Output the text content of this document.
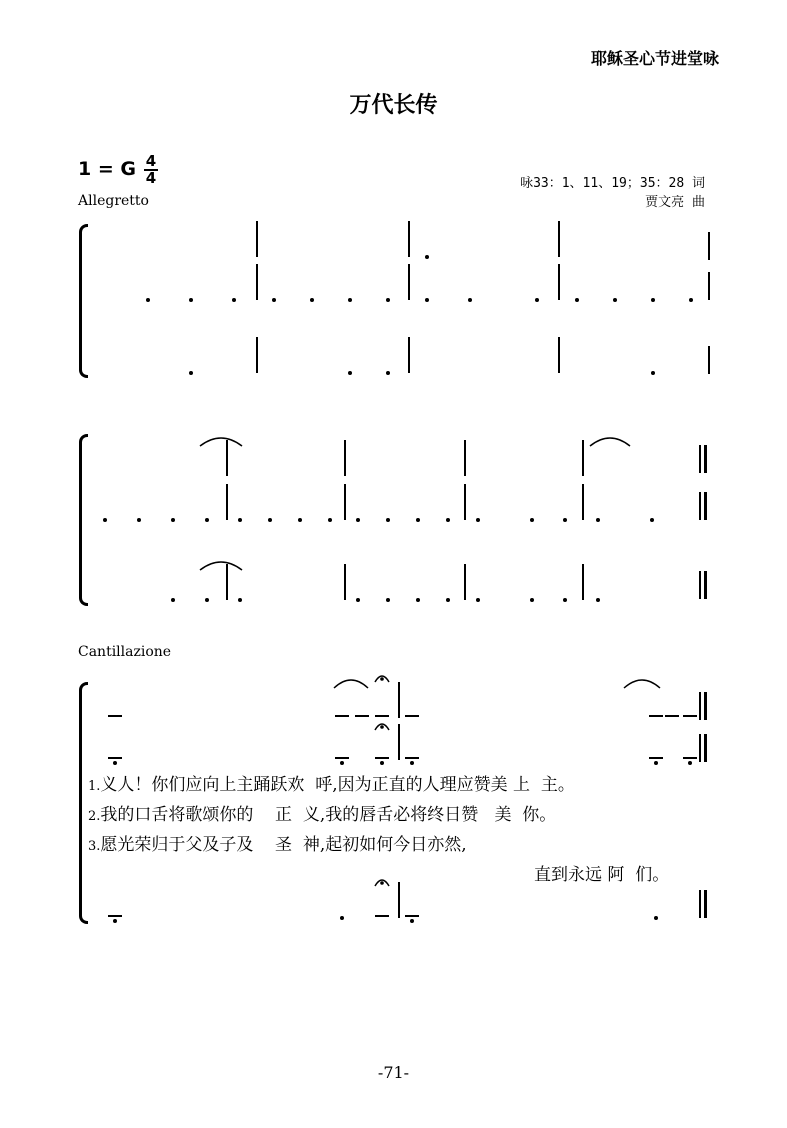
耶稣圣心节进堂咏
万代长传
1 = G 4
4
Allegretto
咏33：1、11、19；35：28 词
贾文亮 曲
Cantillazione
-71-
1.义人！你们应向上主踊跃欢  呼,因为正直的人理应赞美 上  主。
2.我的口舌将歌颂你的    正  义,我的唇舌必将终日赞   美  你。
3.愿光荣归于父及子及    圣  神,起初如何今日亦然,
直到永远 阿  们。
